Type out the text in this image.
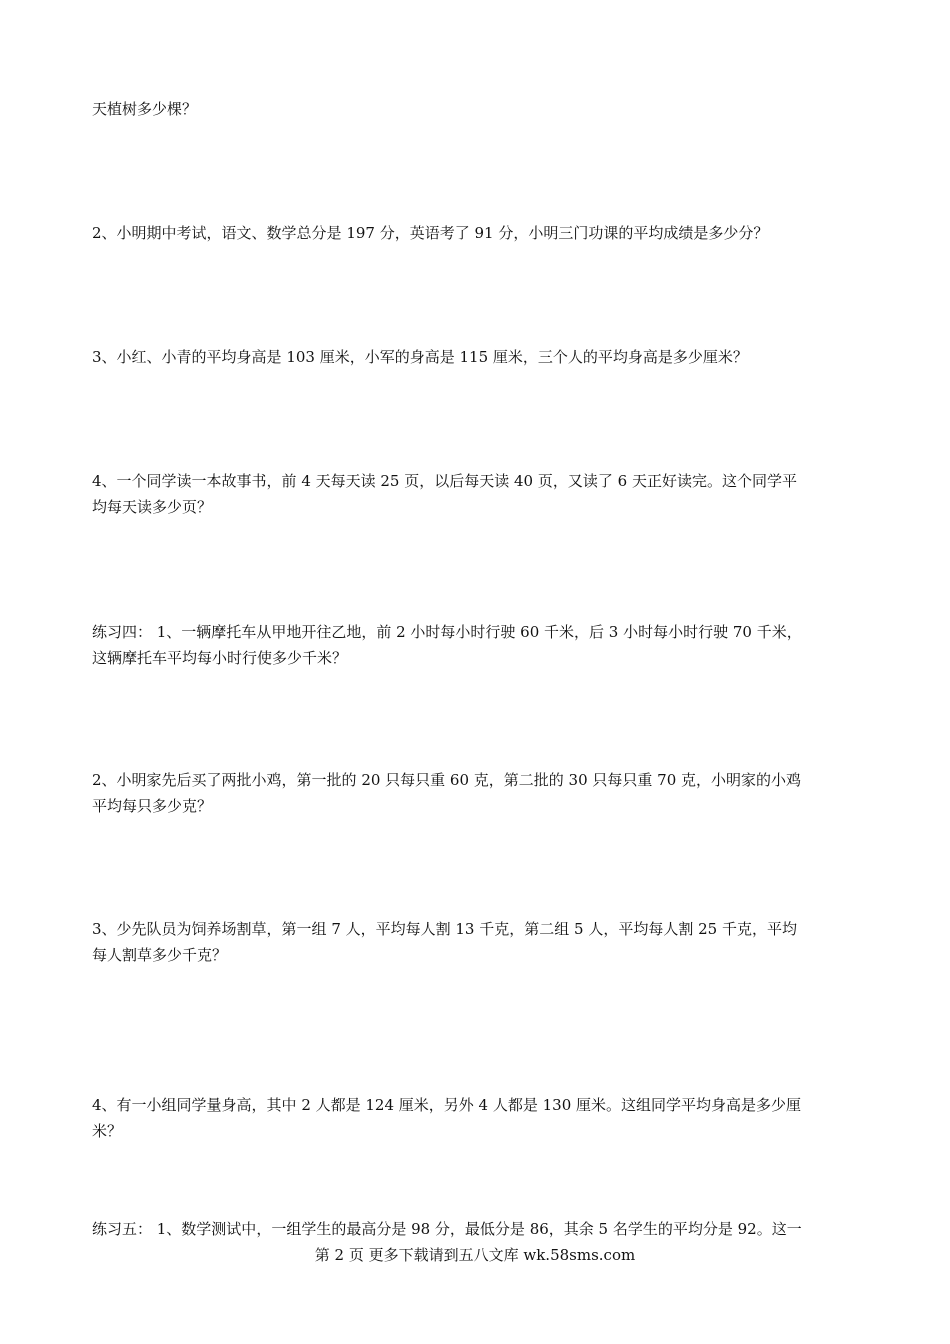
天植树多少棵？
2、小明期中考试，语文、数学总分是 197 分，英语考了 91 分，小明三门功课的平均成绩是多少分？
3、小红、小青的平均身高是 103 厘米，小军的身高是 115 厘米，三个人的平均身高是多少厘米？
4、一个同学读一本故事书，前 4 天每天读 25 页，以后每天读 40 页，又读了 6 天正好读完。这个同学平
均每天读多少页？
练习四： 1、一辆摩托车从甲地开往乙地，前 2 小时每小时行驶 60 千米，后 3 小时每小时行驶 70 千米，
这辆摩托车平均每小时行使多少千米？
2、小明家先后买了两批小鸡，第一批的 20 只每只重 60 克，第二批的 30 只每只重 70 克，小明家的小鸡
平均每只多少克？
3、少先队员为饲养场割草，第一组 7 人，平均每人割 13 千克，第二组 5 人，平均每人割 25 千克，平均
每人割草多少千克？
4、有一小组同学量身高，其中 2 人都是 124 厘米，另外 4 人都是 130 厘米。这组同学平均身高是多少厘
米？
练习五： 1、数学测试中，一组学生的最高分是 98 分，最低分是 86，其余 5 名学生的平均分是 92。这一
第 2 页 更多下载请到五八文库 wk.58sms.com
